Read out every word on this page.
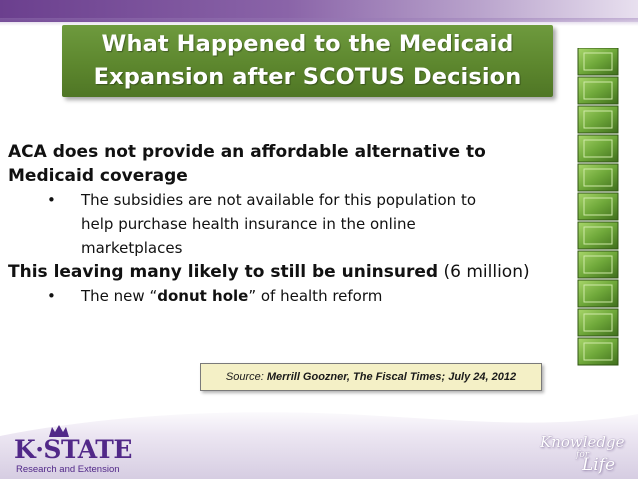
What Happened to the Medicaid
Expansion after SCOTUS Decision
ACA does not provide an affordable alternative to
Medicaid coverage
• The subsidies are not available for this population to
help purchase health insurance in the online
marketplaces
This leaving many likely to still be uninsured (6 million)
• The new “donut hole” of health reform
Source: Merrill Goozner, The Fiscal Times; July 24, 2012
K·STATE
Research and Extension
Knowledge
for
Life
